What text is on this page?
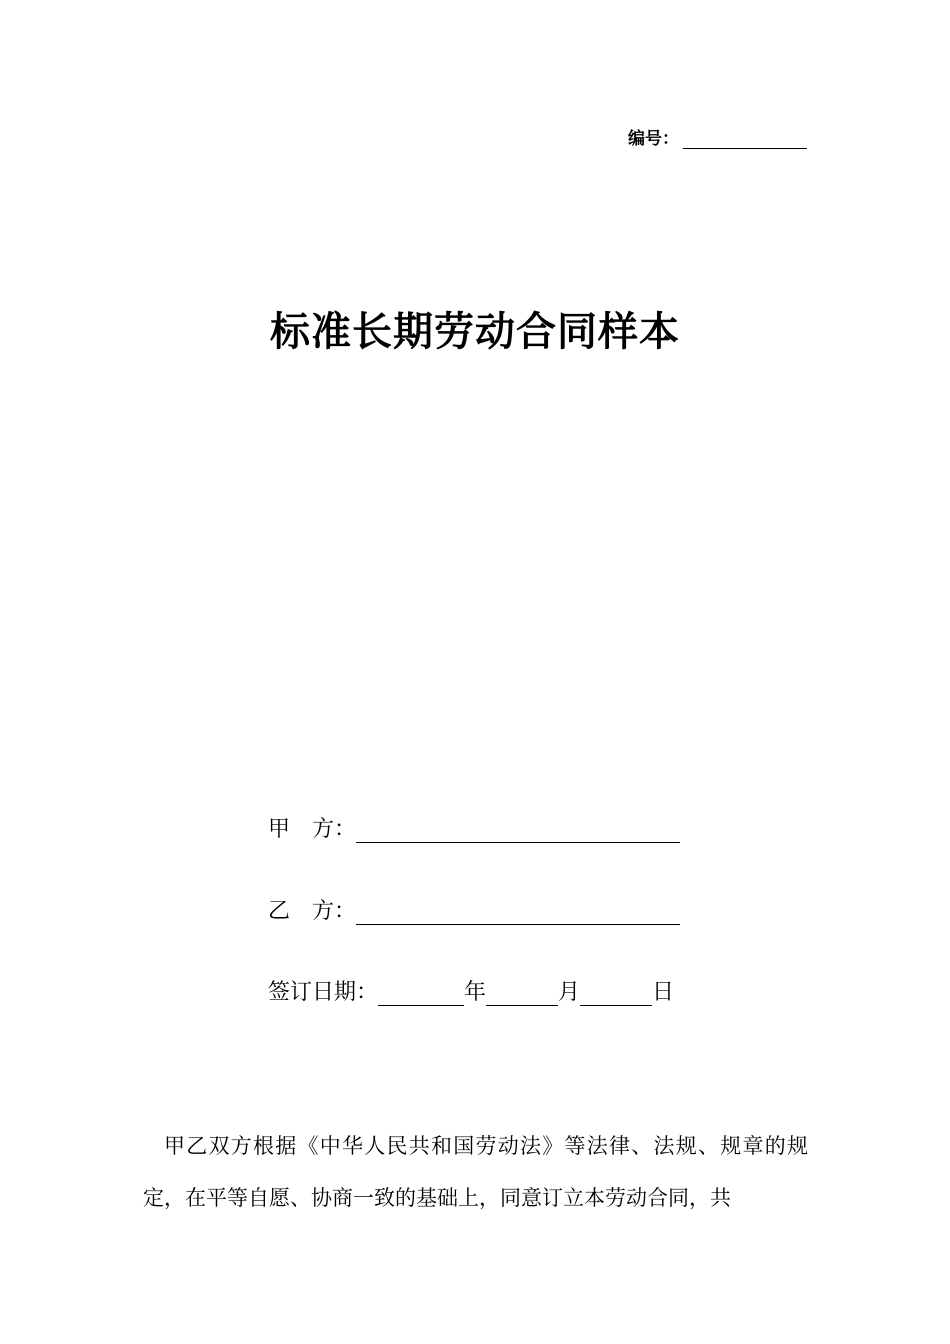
编号：
标准长期劳动合同样本
甲　方：
乙　方：
签订日期：	年	月	日

甲乙双方根据《中华人民共和国劳动法》等法律、法规、规章的规定，在平等自愿、协商一致的基础上，同意订立本劳动合同，共
